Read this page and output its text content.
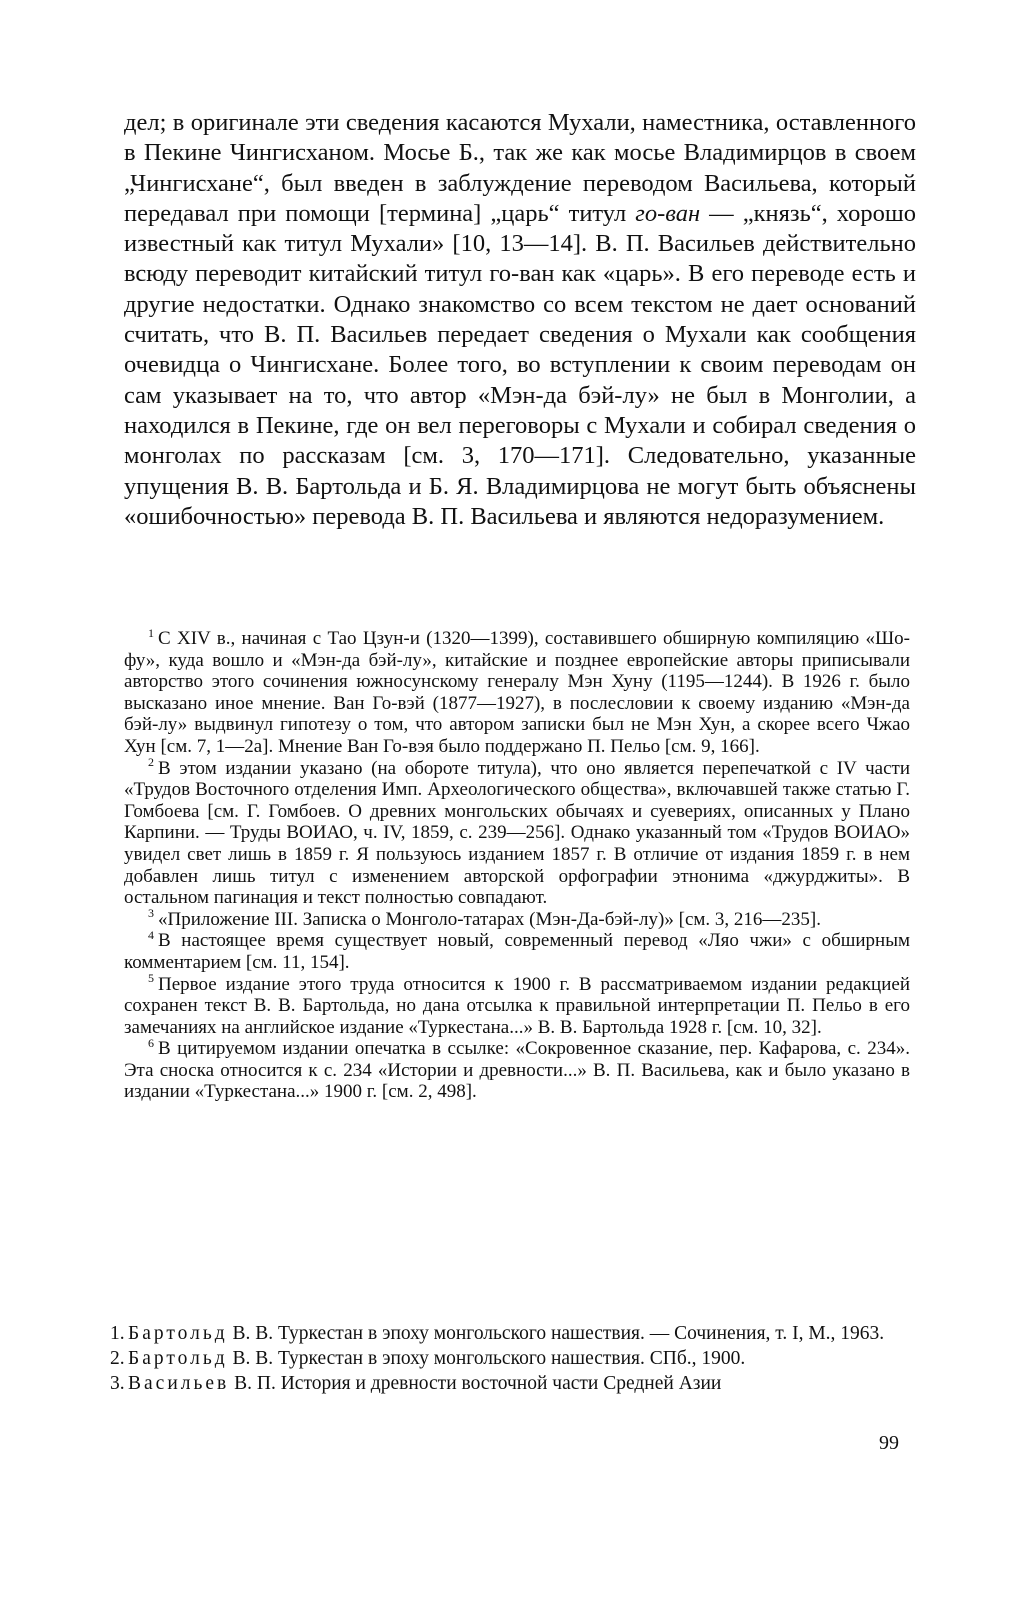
дел; в оригинале эти сведения касаются Мухали, наместника, оставленного в Пекине Чингисханом. Мосье Б., так же как мосье Владимирцов в своем „Чингисхане“, был введен в заблуждение переводом Васильева, который передавал при помощи [термина] „царь“ титул го-ван — „князь“, хорошо известный как титул Мухали» [10, 13—14]. В. П. Васильев действительно всюду переводит китайский титул го-ван как «царь». В его переводе есть и другие недостатки. Однако знакомство со всем текстом не дает оснований считать, что В. П. Васильев передает сведения о Мухали как сообщения очевидца о Чингисхане. Более того, во вступлении к своим переводам он сам указывает на то, что автор «Мэн-да бэй-лу» не был в Монголии, а находился в Пекине, где он вел переговоры с Мухали и собирал сведения о монголах по рассказам [см. 3, 170—171]. Следовательно, указанные упущения В. В. Бартольда и Б. Я. Владимирцова не могут быть объяснены «ошибочностью» перевода В. П. Васильева и являются недоразумением.

$^1$ С XIV в., начиная с Тао Цзун-и (1320—1399), составившего обширную компиляцию «Шо-фу», куда вошло и «Мэн-да бэй-лу», китайские и позднее европейские авторы приписывали авторство этого сочинения южносунскому генералу Мэн Хуну (1195—1244). В 1926 г. было высказано иное мнение. Ван Го-вэй (1877—1927), в послесловии к своему изданию «Мэн-да бэй-лу» выдвинул гипотезу о том, что автором записки был не Мэн Хун, а скорее всего Чжао Хун [см. 7, 1—2а]. Мнение Ван Го-вэя было поддержано П. Пельо [см. 9, 166].

$^2$ В этом издании указано (на обороте титула), что оно является перепечаткой с IV части «Трудов Восточного отделения Имп. Археологического общества», включавшей также статью Г. Гомбоева [см. Г. Гомбоев. О древних монгольских обычаях и суевериях, описанных у Плано Карпини. — Труды ВОИАО, ч. IV, 1859, с. 239—256]. Однако указанный том «Трудов ВОИАО» увидел свет лишь в 1859 г. Я пользуюсь изданием 1857 г. В отличие от издания 1859 г. в нем добавлен лишь титул с изменением авторской орфографии этнонима «джурджиты». В остальном пагинация и текст полностью совпадают.

$^3$ «Приложение III. Записка о Монголо-татарах (Мэн-Да-бэй-лу)» [см. 3, 216—235].

$^4$ В настоящее время существует новый, современный перевод «Ляо чжи» с обширным комментарием [см. 11, 154].

$^5$ Первое издание этого труда относится к 1900 г. В рассматриваемом издании редакцией сохранен текст В. В. Бартольда, но дана отсылка к правильной интерпретации П. Пельо в его замечаниях на английское издание «Туркестана...» В. В. Бартольда 1928 г. [см. 10, 32].

$^6$ В цитируемом издании опечатка в ссылке: «Сокровенное сказание, пер. Кафарова, с. 234». Эта сноска относится к с. 234 «Истории и древности...» В. П. Васильева, как и было указано в издании «Туркестана...» 1900 г. [см. 2, 498].

1. Бартольд В. В. Туркестан в эпоху монгольского нашествия. — Сочинения, т. I, М., 1963.
2. Бартольд В. В. Туркестан в эпоху монгольского нашествия. СПб., 1900.
3. Васильев В. П. История и древности восточной части Средней Азии
99
